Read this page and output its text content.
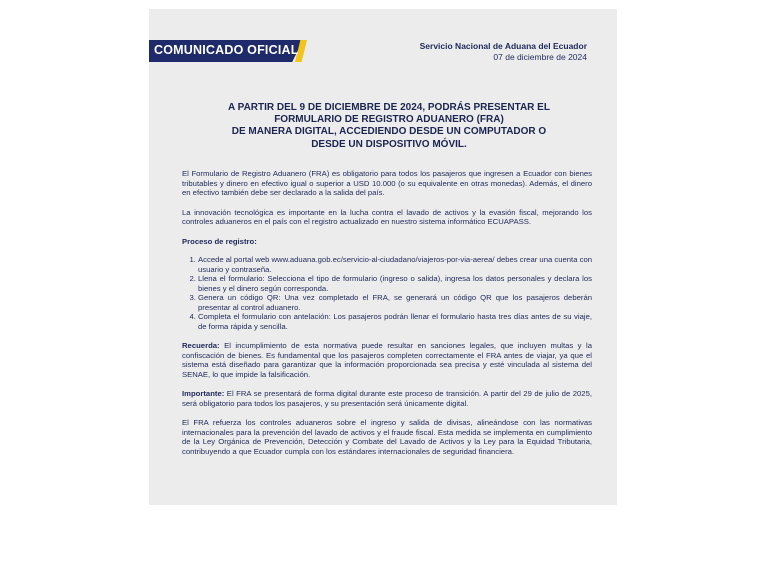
COMUNICADO OFICIAL	Servicio Nacional de Aduana del Ecuador
07 de diciembre de 2024
A PARTIR DEL 9 DE DICIEMBRE DE 2024, PODRÁS PRESENTAR EL
FORMULARIO DE REGISTRO ADUANERO (FRA)
DE MANERA DIGITAL, ACCEDIENDO DESDE UN COMPUTADOR O
DESDE UN DISPOSITIVO MÓVIL.

El Formulario de Registro Aduanero (FRA) es obligatorio para todos los pasajeros que ingresen a Ecuador con bienes tributables y dinero en efectivo igual o superior a USD 10.000 (o su equivalente en otras monedas). Además, el dinero en efectivo también debe ser declarado a la salida del país.

La innovación tecnológica es importante en la lucha contra el lavado de activos y la evasión fiscal, mejorando los controles aduaneros en el país con el registro actualizado en nuestro sistema informático ECUAPASS.

Proceso de registro:
1. Accede al portal web www.aduana.gob.ec/servicio-al-ciudadano/viajeros-por-via-aerea/ debes crear una cuenta con usuario y contraseña.
2. Llena el formulario: Selecciona el tipo de formulario (ingreso o salida), ingresa los datos personales y declara los bienes y el dinero según corresponda.
3. Genera un código QR: Una vez completado el FRA, se generará un código QR que los pasajeros deberán presentar al control aduanero.
4. Completa el formulario con antelación: Los pasajeros podrán llenar el formulario hasta tres días antes de su viaje, de forma rápida y sencilla.

Recuerda: El incumplimiento de esta normativa puede resultar en sanciones legales, que incluyen multas y la confiscación de bienes. Es fundamental que los pasajeros completen correctamente el FRA antes de viajar, ya que el sistema está diseñado para garantizar que la información proporcionada sea precisa y esté vinculada al sistema del SENAE, lo que impide la falsificación.

Importante: El FRA se presentará de forma digital durante este proceso de transición. A partir del 29 de julio de 2025, será obligatorio para todos los pasajeros, y su presentación será únicamente digital.

El FRA refuerza los controles aduaneros sobre el ingreso y salida de divisas, alineándose con las normativas internacionales para la prevención del lavado de activos y el fraude fiscal. Esta medida se implementa en cumplimiento de la Ley Orgánica de Prevención, Detección y Combate del Lavado de Activos y la Ley para la Equidad Tributaria, contribuyendo a que Ecuador cumpla con los estándares internacionales de seguridad financiera.
